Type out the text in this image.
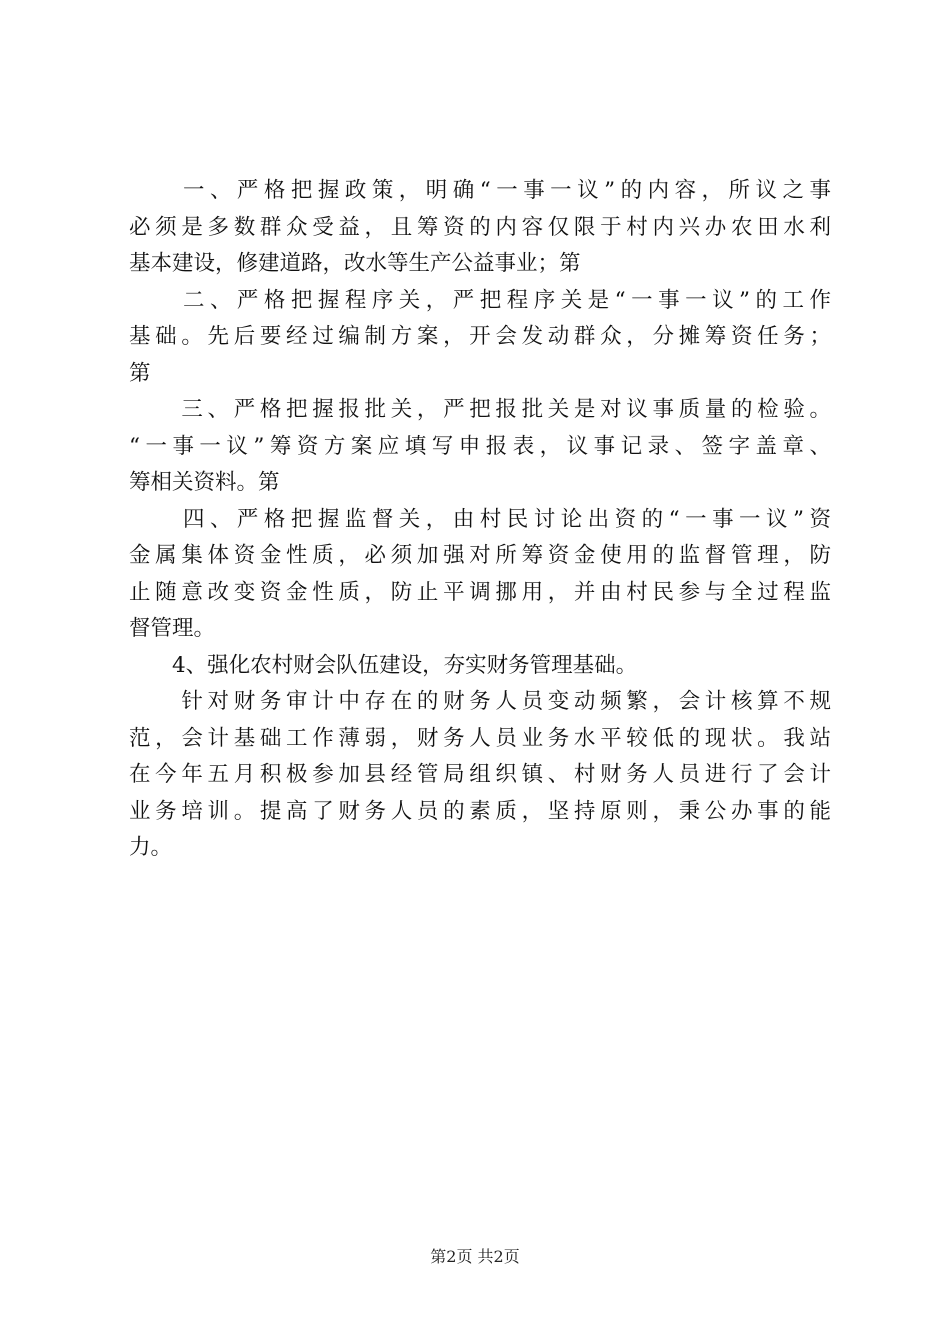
　　一、严格把握政策，明确“一事一议”的内容，所议之事
必须是多数群众受益，且筹资的内容仅限于村内兴办农田水利
基本建设，修建道路，改水等生产公益事业；第
　　二、严格把握程序关，严把程序关是“一事一议”的工作
基础。先后要经过编制方案，开会发动群众，分摊筹资任务；
第
　　三、严格把握报批关，严把报批关是对议事质量的检验。
“一事一议”筹资方案应填写申报表，议事记录、签字盖章、
筹相关资料。第
　　四、严格把握监督关，由村民讨论出资的“一事一议”资
金属集体资金性质，必须加强对所筹资金使用的监督管理，防
止随意改变资金性质，防止平调挪用，并由村民参与全过程监
督管理。
　　4、强化农村财会队伍建设，夯实财务管理基础。
　　针对财务审计中存在的财务人员变动频繁，会计核算不规
范，会计基础工作薄弱，财务人员业务水平较低的现状。我站
在今年五月积极参加县经管局组织镇、村财务人员进行了会计
业务培训。提高了财务人员的素质，坚持原则，秉公办事的能
力。
第2页 共2页
